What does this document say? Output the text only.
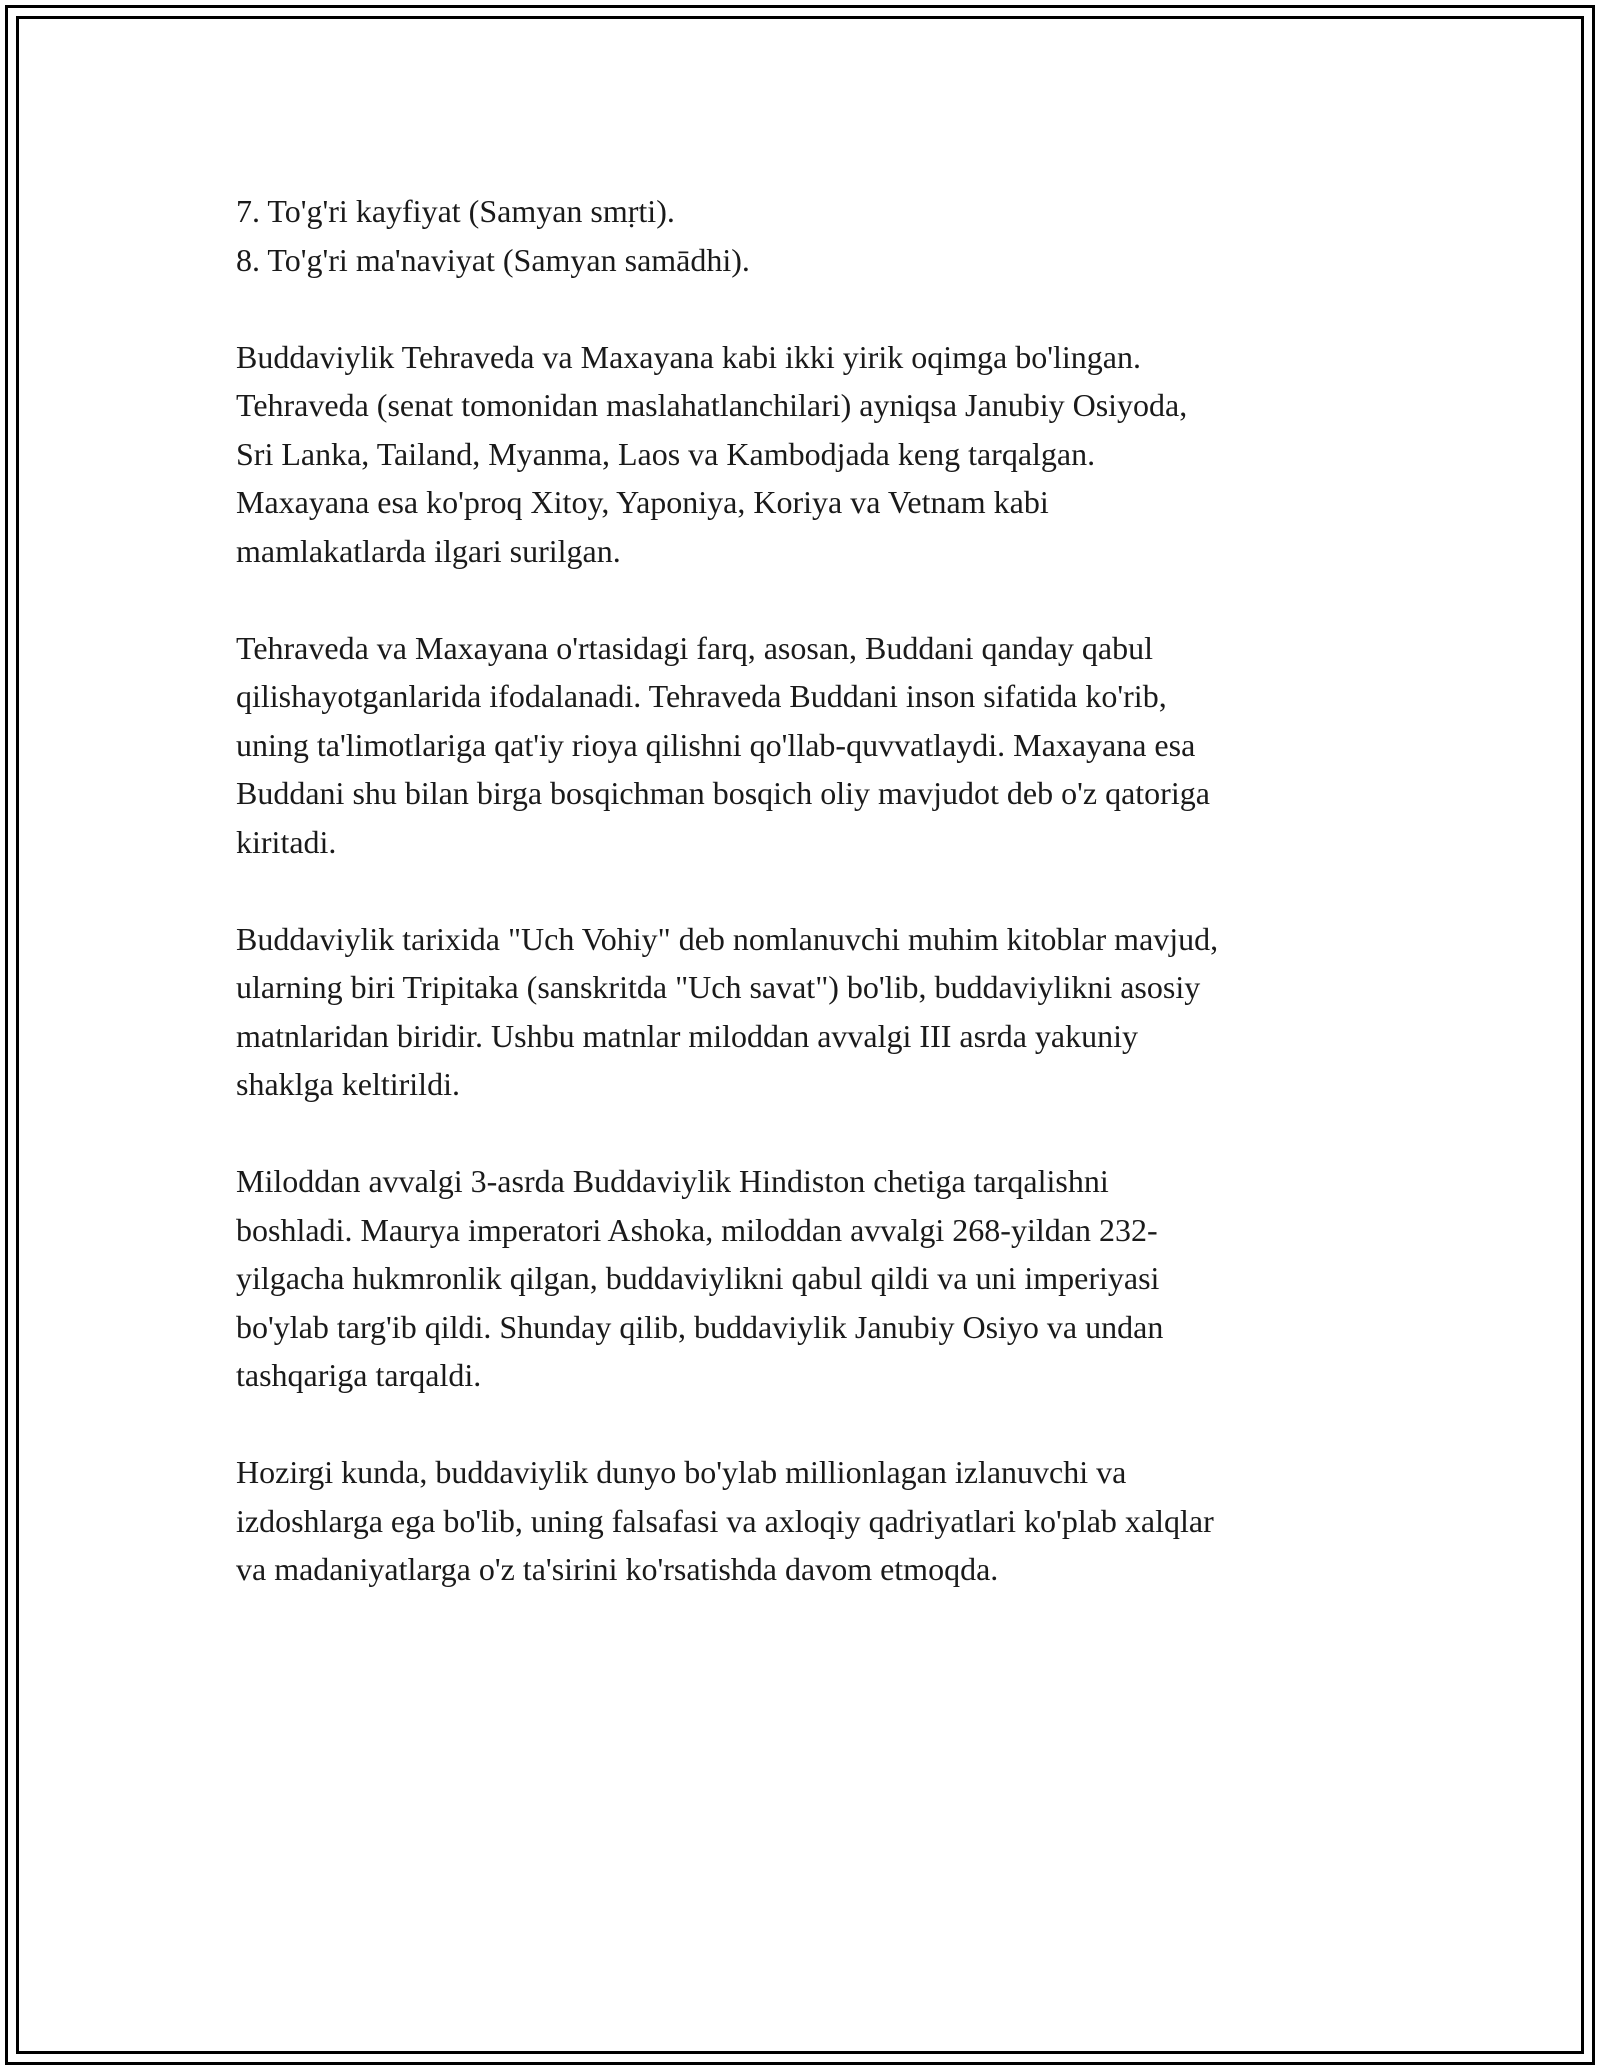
7. To'g'ri kayfiyat (Samyan smṛti).

8. To'g'ri ma'naviyat (Samyan samādhi).

Buddaviylik Tehraveda va Maxayana kabi ikki yirik oqimga bo'lingan.
Tehraveda (senat tomonidan maslahatlanchilari) ayniqsa Janubiy Osiyoda,
Sri Lanka, Tailand, Myanma, Laos va Kambodjada keng tarqalgan.
Maxayana esa ko'proq Xitoy, Yaponiya, Koriya va Vetnam kabi
mamlakatlarda ilgari surilgan.

Tehraveda va Maxayana o'rtasidagi farq, asosan, Buddani qanday qabul
qilishayotganlarida ifodalanadi. Tehraveda Buddani inson sifatida ko'rib,
uning ta'limotlariga qat'iy rioya qilishni qo'llab-quvvatlaydi. Maxayana esa
Buddani shu bilan birga bosqichman bosqich oliy mavjudot deb o'z qatoriga
kiritadi.

Buddaviylik tarixida "Uch Vohiy" deb nomlanuvchi muhim kitoblar mavjud,
ularning biri Tripitaka (sanskritda "Uch savat") bo'lib, buddaviylikni asosiy
matnlaridan biridir. Ushbu matnlar miloddan avvalgi III asrda yakuniy
shaklga keltirildi.

Miloddan avvalgi 3-asrda Buddaviylik Hindiston chetiga tarqalishni
boshladi. Maurya imperatori Ashoka, miloddan avvalgi 268-yildan 232-
yilgacha hukmronlik qilgan, buddaviylikni qabul qildi va uni imperiyasi
bo'ylab targ'ib qildi. Shunday qilib, buddaviylik Janubiy Osiyo va undan
tashqariga tarqaldi.

Hozirgi kunda, buddaviylik dunyo bo'ylab millionlagan izlanuvchi va
izdoshlarga ega bo'lib, uning falsafasi va axloqiy qadriyatlari ko'plab xalqlar
va madaniyatlarga o'z ta'sirini ko'rsatishda davom etmoqda.
